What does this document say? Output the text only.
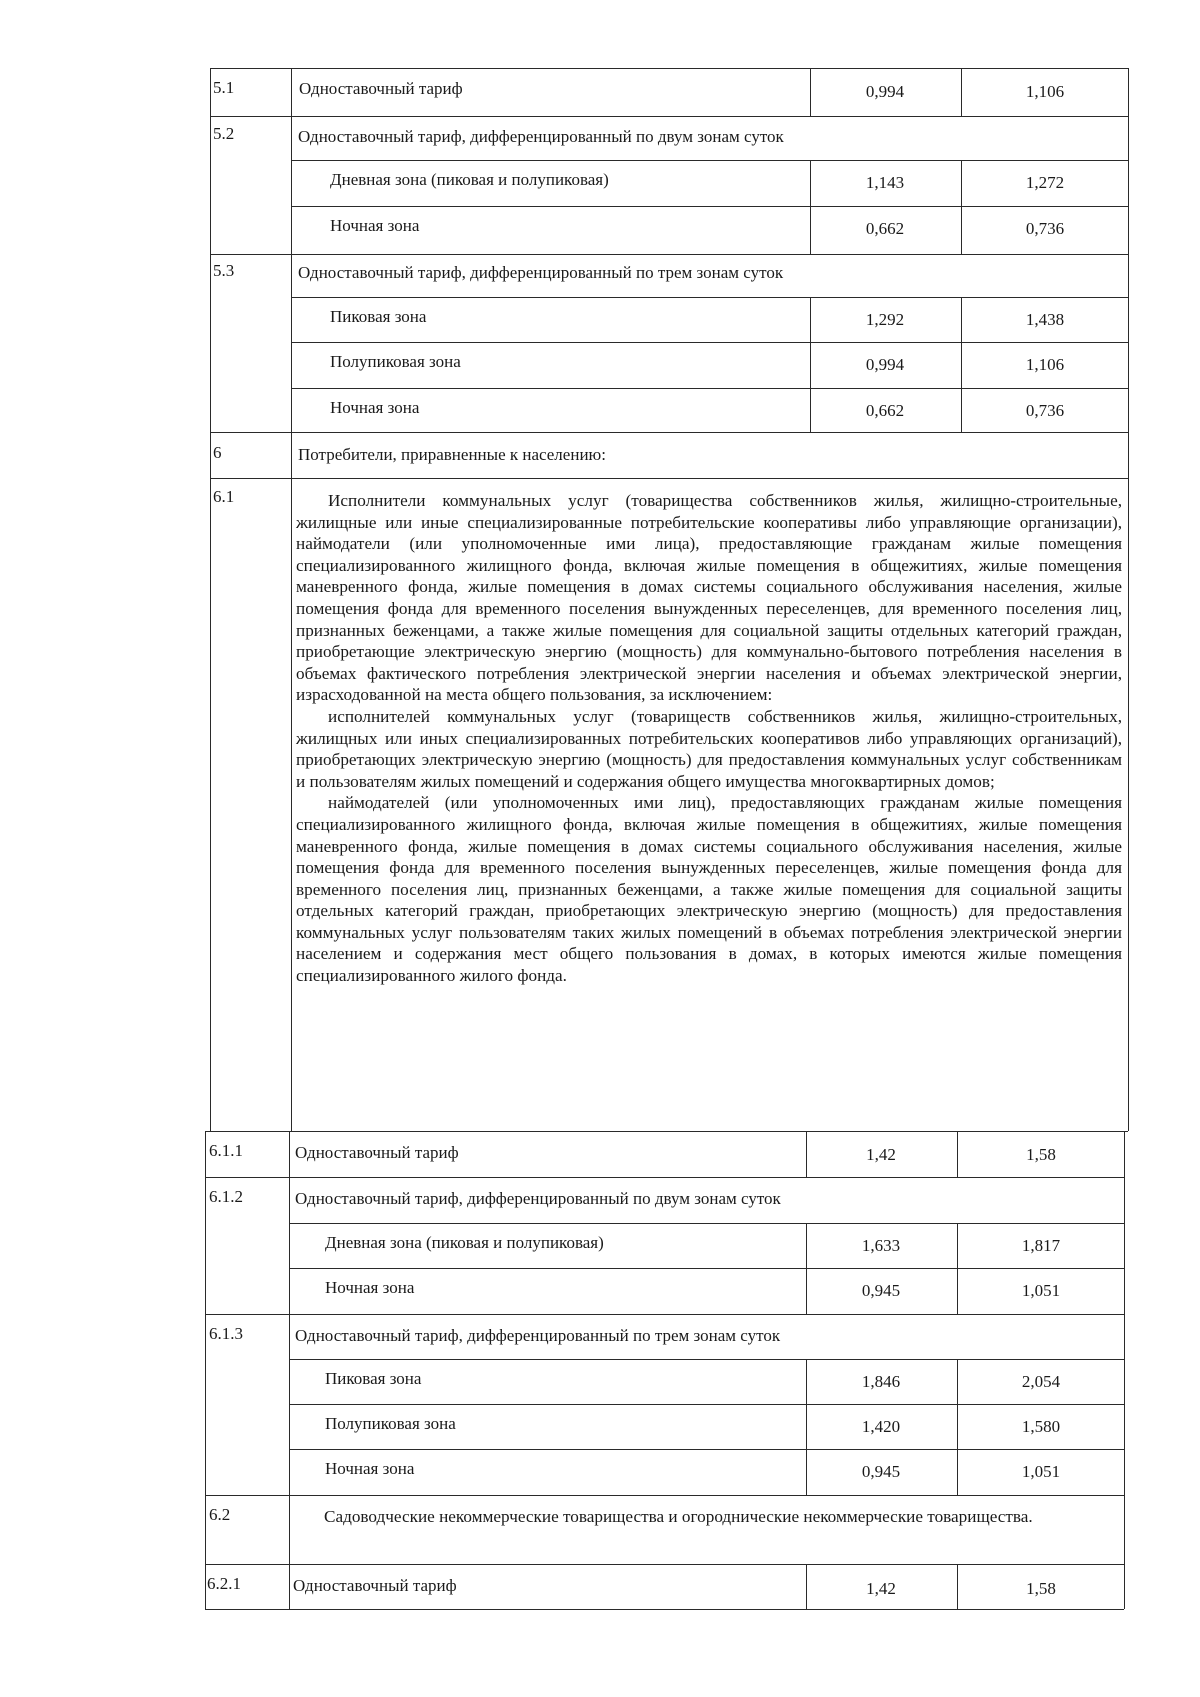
5.1	Одноставочный тариф	0,994	1,106
5.2	Одноставочный тариф, дифференцированный по двум зонам суток
Дневная зона (пиковая и полупиковая)	1,143	1,272
Ночная зона	0,662	0,736
5.3	Одноставочный тариф, дифференцированный по трем зонам суток
Пиковая зона	1,292	1,438
Полупиковая зона	0,994	1,106
Ночная зона	0,662	0,736
6	Потребители, приравненные к населению:
6.1	Исполнители коммунальных услуг (товарищества собственников жилья, жилищно-строительные, жилищные или иные специализированные потребительские кооперативы либо управляющие организации), наймодатели (или уполномоченные ими лица), предоставляющие гражданам жилые помещения специализированного жилищного фонда, включая жилые помещения в общежитиях, жилые помещения маневренного фонда, жилые помещения в домах системы социального обслуживания населения, жилые помещения фонда для временного поселения вынужденных переселенцев, для временного поселения лиц, признанных беженцами, а также жилые помещения для социальной защиты отдельных категорий граждан, приобретающие электрическую энергию (мощность) для коммунально-бытового потребления населения в объемах фактического потребления электрической энергии населения и объемах электрической энергии, израсходованной на места общего пользования, за исключением:

исполнителей коммунальных услуг (товариществ собственников жилья, жилищно-строительных, жилищных или иных специализированных потребительских кооперативов либо управляющих организаций), приобретающих электрическую энергию (мощность) для предоставления коммунальных услуг собственникам и пользователям жилых помещений и содержания общего имущества многоквартирных домов;

наймодателей (или уполномоченных ими лиц), предоставляющих гражданам жилые помещения специализированного жилищного фонда, включая жилые помещения в общежитиях, жилые помещения маневренного фонда, жилые помещения в домах системы социального обслуживания населения, жилые помещения фонда для временного поселения вынужденных переселенцев, жилые помещения фонда для временного поселения лиц, признанных беженцами, а также жилые помещения для социальной защиты отдельных категорий граждан, приобретающих электрическую энергию (мощность) для предоставления коммунальных услуг пользователям таких жилых помещений в объемах потребления электрической энергии населением и содержания мест общего пользования в домах, в которых имеются жилые помещения специализированного жилого фонда.

6.1.1	Одноставочный тариф	1,42	1,58
6.1.2	Одноставочный тариф, дифференцированный по двум зонам суток
Дневная зона (пиковая и полупиковая)	1,633	1,817
Ночная зона	0,945	1,051
6.1.3	Одноставочный тариф, дифференцированный по трем зонам суток
Пиковая зона	1,846	2,054
Полупиковая зона	1,420	1,580
Ночная зона	0,945	1,051
6.2	Садоводческие некоммерческие товарищества и огороднические некоммерческие товарищества.

6.2.1	Одноставочный тариф	1,42	1,58
